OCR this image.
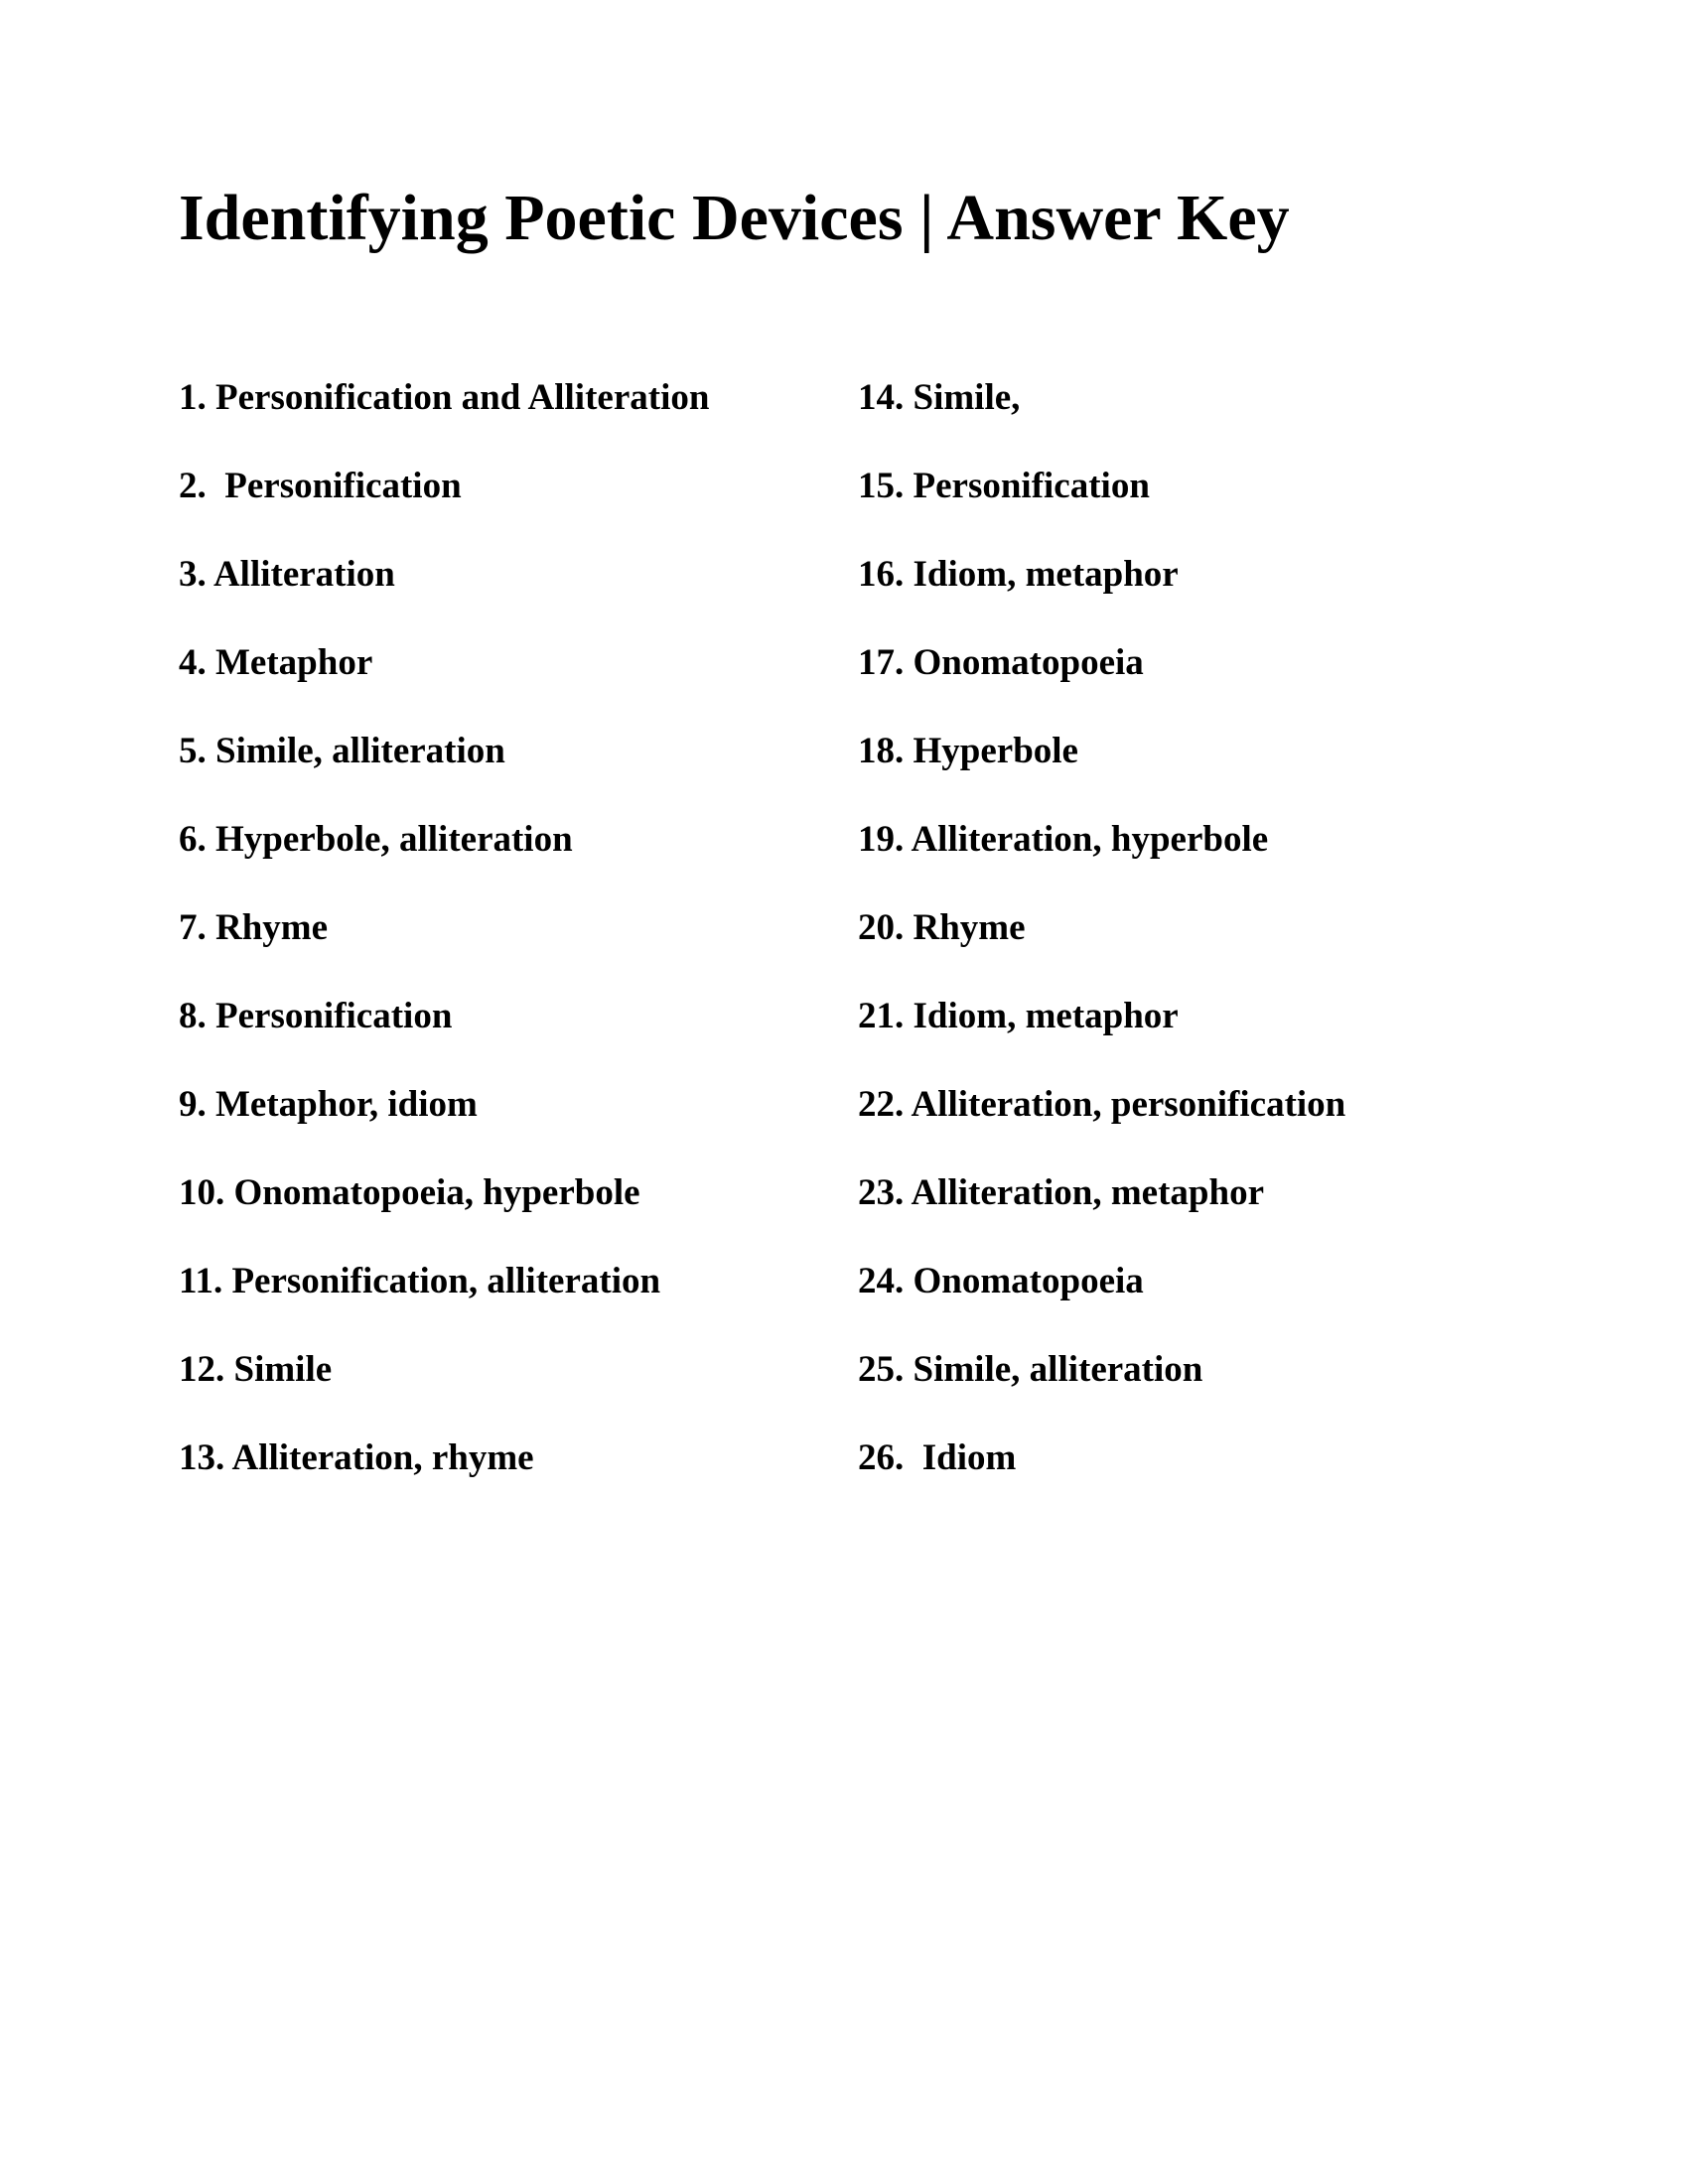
Identifying Poetic Devices | Answer Key
1. Personification and Alliteration
2.  Personification
3. Alliteration
4. Metaphor
5. Simile, alliteration
6. Hyperbole, alliteration
7. Rhyme
8. Personification
9. Metaphor, idiom
10. Onomatopoeia, hyperbole
11. Personification, alliteration
12. Simile
13. Alliteration, rhyme
14. Simile,
15. Personification
16. Idiom, metaphor
17. Onomatopoeia
18. Hyperbole
19. Alliteration, hyperbole
20. Rhyme
21. Idiom, metaphor
22. Alliteration, personification
23. Alliteration, metaphor
24. Onomatopoeia
25. Simile, alliteration
26.  Idiom
